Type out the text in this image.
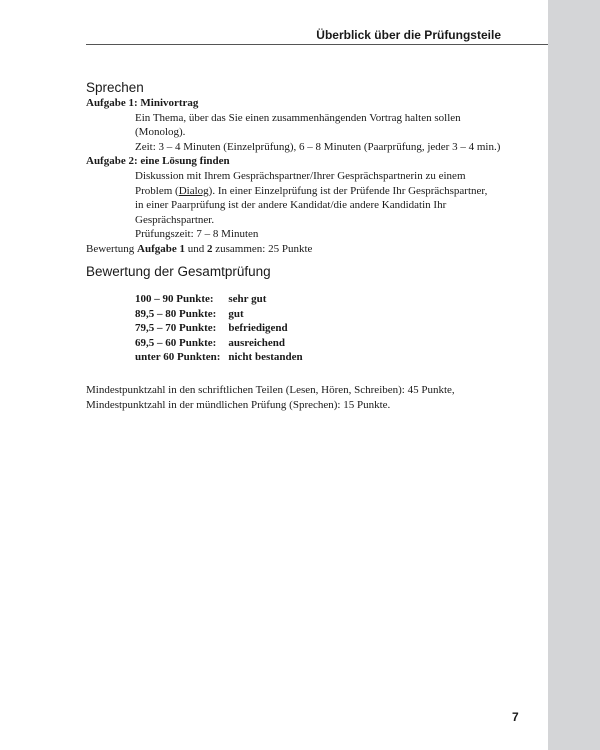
Überblick über die Prüfungsteile
Sprechen
Aufgabe 1: Minivortrag
Ein Thema, über das Sie einen zusammenhängenden Vortrag halten sollen
(Monolog).
Zeit: 3 – 4 Minuten (Einzelprüfung), 6 – 8 Minuten (Paarprüfung, jeder 3 – 4 min.)
Aufgabe 2: eine Lösung finden
Diskussion mit Ihrem Gesprächspartner/Ihrer Gesprächspartnerin zu einem
Problem (Dialog). In einer Einzelprüfung ist der Prüfende Ihr Gesprächspartner,
in einer Paarprüfung ist der andere Kandidat/die andere Kandidatin Ihr
Gesprächspartner.
Prüfungszeit: 7 – 8 Minuten
Bewertung Aufgabe 1 und 2 zusammen: 25 Punkte
Bewertung der Gesamtprüfung
100 – 90 Punkte:	sehr gut
89,5 – 80 Punkte:	gut
79,5 – 70 Punkte:	befriedigend
69,5 – 60 Punkte:	ausreichend
unter 60 Punkten:	nicht bestanden
Mindestpunktzahl in den schriftlichen Teilen (Lesen, Hören, Schreiben): 45 Punkte,
Mindestpunktzahl in der mündlichen Prüfung (Sprechen): 15 Punkte.
7
